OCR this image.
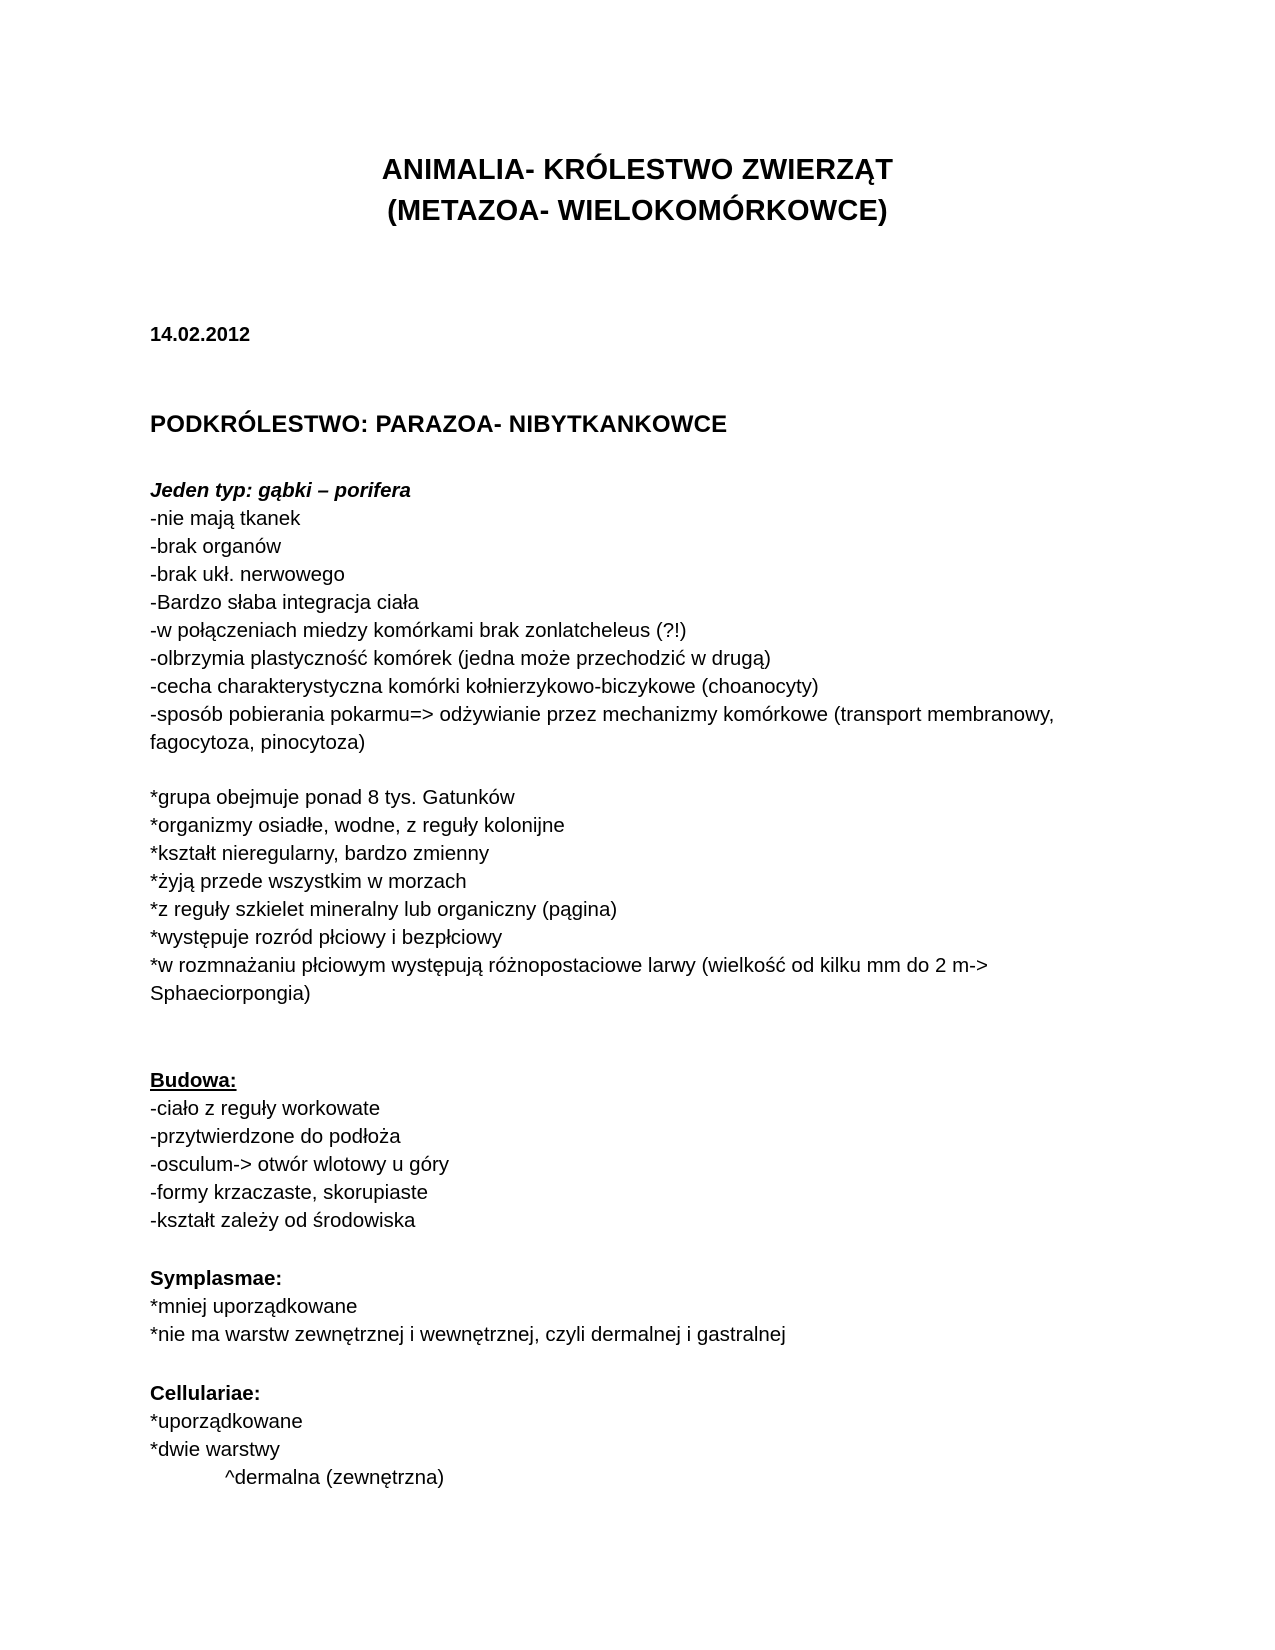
ANIMALIA- KRÓLESTWO ZWIERZĄT
(METAZOA- WIELOKOMÓRKOWCE)
14.02.2012
PODKRÓLESTWO: PARAZOA- NIBYTKANKOWCE
Jeden typ: gąbki – porifera
-nie mają tkanek
-brak organów
-brak ukł. nerwowego
-Bardzo słaba integracja ciała
-w połączeniach miedzy komórkami brak zonlatcheleus (?!)
-olbrzymia plastyczność komórek (jedna może przechodzić w drugą)
-cecha charakterystyczna komórki kołnierzykowo-biczykowe (choanocyty)
-sposób pobierania pokarmu=> odżywianie przez mechanizmy komórkowe (transport membranowy,
fagocytoza, pinocytoza)
*grupa obejmuje ponad 8 tys. Gatunków
*organizmy osiadłe, wodne, z reguły kolonijne
*kształt nieregularny, bardzo zmienny
*żyją przede wszystkim w morzach
*z reguły szkielet mineralny lub organiczny (pągina)
*występuje rozród płciowy i bezpłciowy
*w rozmnażaniu płciowym występują różnopostaciowe larwy (wielkość od kilku mm do 2 m->
Sphaeciorpongia)
Budowa:
-ciało z reguły workowate
-przytwierdzone do podłoża
-osculum-> otwór wlotowy u góry
-formy krzaczaste, skorupiaste
-kształt zależy od środowiska
Symplasmae:
*mniej uporządkowane
*nie ma warstw zewnętrznej i wewnętrznej, czyli dermalnej i gastralnej
Cellulariae:
*uporządkowane
*dwie warstwy
^dermalna (zewnętrzna)
